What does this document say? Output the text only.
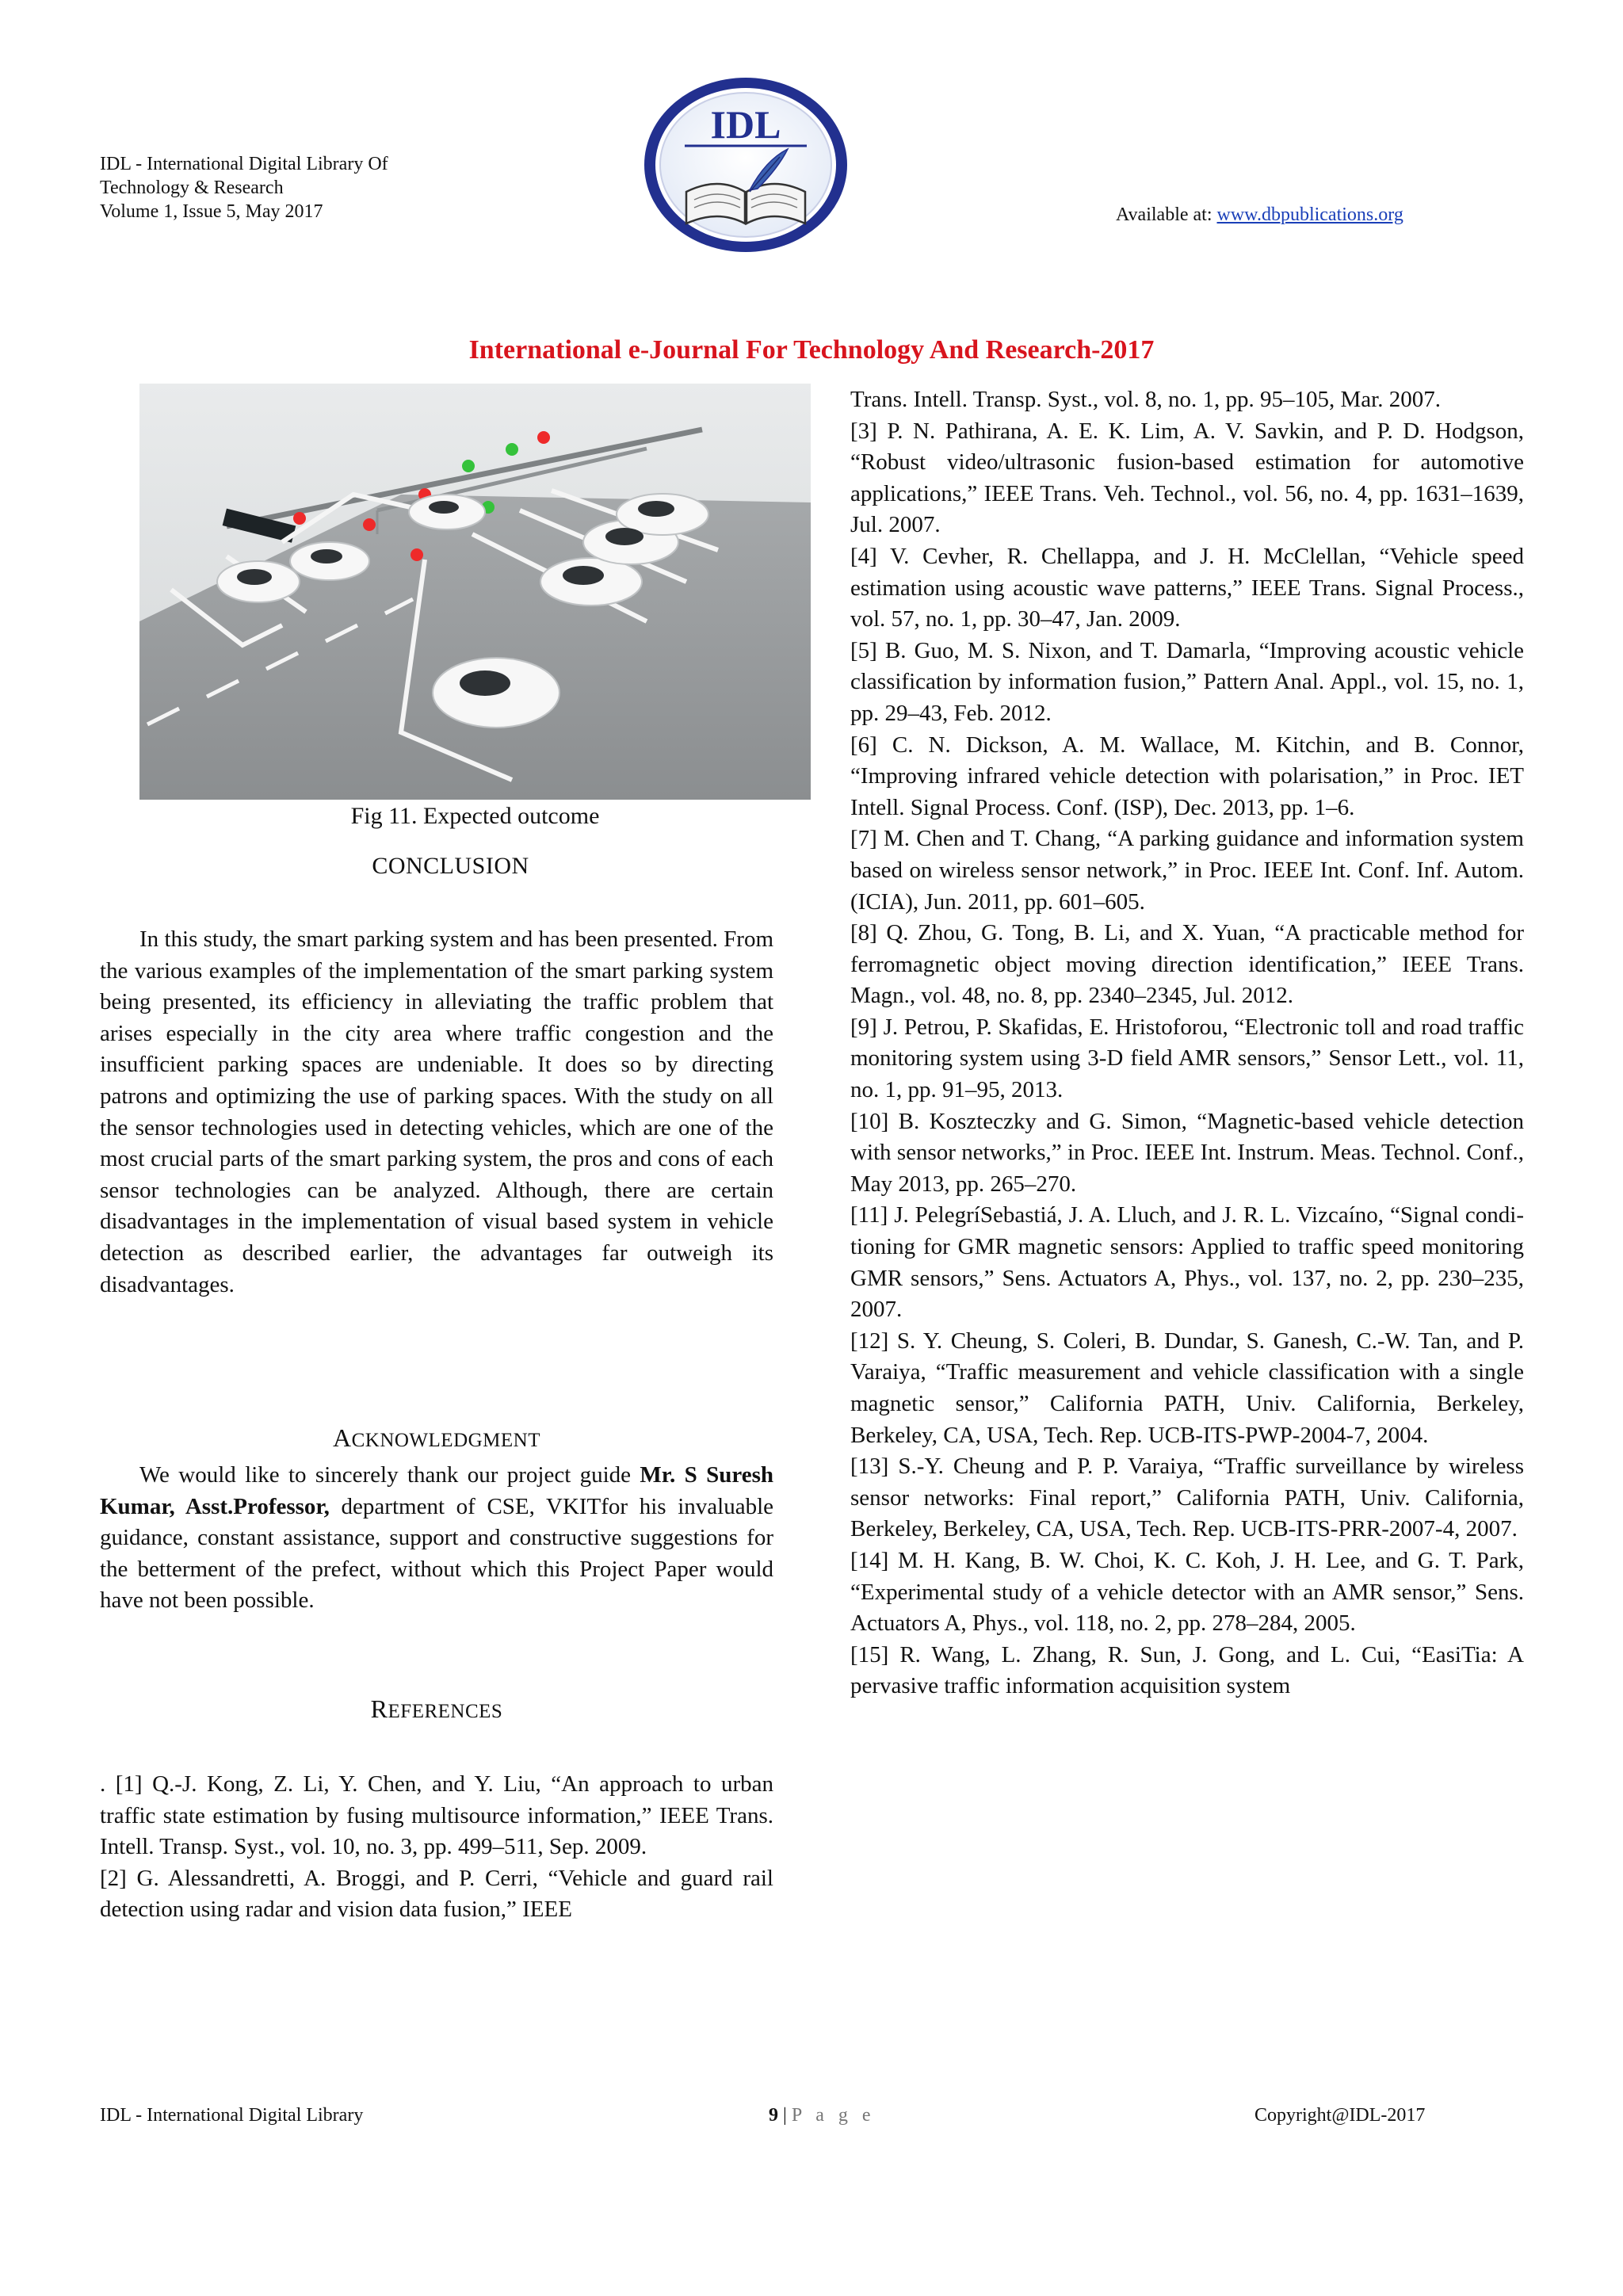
IDL - International Digital Library Of
Technology & Research
Volume 1, Issue 5, May 2017
IDL
Available at: www.dbpublications.org
International e-Journal For Technology And Research-2017
Fig 11. Expected outcome
CONCLUSION
In this study, the smart parking system and has been presented. From the various examples of the implementation of the smart parking system being presented, its efficiency in alleviating the traffic problem that arises especially in the city area where traffic congestion and the insufficient parking spaces are undeniable. It does so by directing patrons and optimizing the use of parking spaces. With the study on all the sensor technologies used in detecting vehicles, which are one of the most crucial parts of the smart parking system, the pros and cons of each sensor technologies can be analyzed. Although, there are certain disadvantages in the implementation of visual based system in vehicle detection as described earlier, the advantages far outweigh its disadvantages.
ACKNOWLEDGMENT
We would like to sincerely thank our project guide Mr. S Suresh Kumar, Asst.Professor, department of CSE, VKITfor his invaluable guidance, constant assistance, support and constructive suggestions for the betterment of the prefect, without which this Project Paper would have not been possible.
REFERENCES

. [1] Q.-J. Kong, Z. Li, Y. Chen, and Y. Liu, “An approach to urban traffic state estimation by fusing multisource information,” IEEE Trans. Intell. Transp. Syst., vol. 10, no. 3, pp. 499–511, Sep. 2009.

[2] G. Alessandretti, A. Broggi, and P. Cerri, “Vehicle and guard rail detection using radar and vision data fusion,” IEEE

Trans. Intell. Transp. Syst., vol. 8, no. 1, pp. 95–105, Mar. 2007.

[3] P. N. Pathirana, A. E. K. Lim, A. V. Savkin, and P. D. Hodgson, “Robust video/ultrasonic fusion-based estimation for automotive applications,” IEEE Trans. Veh. Technol., vol. 56, no. 4, pp. 1631–1639, Jul. 2007.

[4] V. Cevher, R. Chellappa, and J. H. McClellan, “Vehicle speed estimation using acoustic wave patterns,” IEEE Trans. Signal Process., vol. 57, no. 1, pp. 30–47, Jan. 2009.

[5] B. Guo, M. S. Nixon, and T. Damarla, “Improving acoustic vehicle classification by information fusion,” Pattern Anal. Appl., vol. 15, no. 1, pp. 29–43, Feb. 2012.

[6] C. N. Dickson, A. M. Wallace, M. Kitchin, and B. Connor, “Improving infrared vehicle detection with polarisation,” in Proc. IET Intell. Signal Process. Conf. (ISP), Dec. 2013, pp. 1–6.

[7] M. Chen and T. Chang, “A parking guidance and information system based on wireless sensor network,” in Proc. IEEE Int. Conf. Inf. Autom. (ICIA), Jun. 2011, pp. 601–605.

[8] Q. Zhou, G. Tong, B. Li, and X. Yuan, “A practicable method for ferromagnetic object moving direction identification,” IEEE Trans. Magn., vol. 48, no. 8, pp. 2340–2345, Jul. 2012.

[9] J. Petrou, P. Skafidas, E. Hristoforou, “Electronic toll and road traffic monitoring system using 3-D field AMR sensors,” Sensor Lett., vol. 11, no. 1, pp. 91–95, 2013.

[10] B. Koszteczky and G. Simon, “Magnetic-based vehicle detection with sensor networks,” in Proc. IEEE Int. Instrum. Meas. Technol. Conf., May 2013, pp. 265–270.

[11] J. PelegríSebastiá, J. A. Lluch, and J. R. L. Vizcaíno, “Signal condi- tioning for GMR magnetic sensors: Applied to traffic speed monitoring GMR sensors,” Sens. Actuators A, Phys., vol. 137, no. 2, pp. 230–235, 2007.

[12] S. Y. Cheung, S. Coleri, B. Dundar, S. Ganesh, C.-W. Tan, and P. Varaiya, “Traffic measurement and vehicle classification with a single magnetic sensor,” California PATH, Univ. California, Berkeley, Berkeley, CA, USA, Tech. Rep. UCB-ITS-PWP-2004-7, 2004.

[13] S.-Y. Cheung and P. P. Varaiya, “Traffic surveillance by wireless sensor networks: Final report,” California PATH, Univ. California, Berkeley, Berkeley, CA, USA, Tech. Rep. UCB-ITS-PRR-2007-4, 2007.

[14] M. H. Kang, B. W. Choi, K. C. Koh, J. H. Lee, and G. T. Park, “Experimental study of a vehicle detector with an AMR sensor,” Sens. Actuators A, Phys., vol. 118, no. 2, pp. 278–284, 2005.

[15] R. Wang, L. Zhang, R. Sun, J. Gong, and L. Cui, “EasiTia: A pervasive traffic information acquisition system

IDL - International Digital Library	9 | P a g e	Copyright@IDL-2017
